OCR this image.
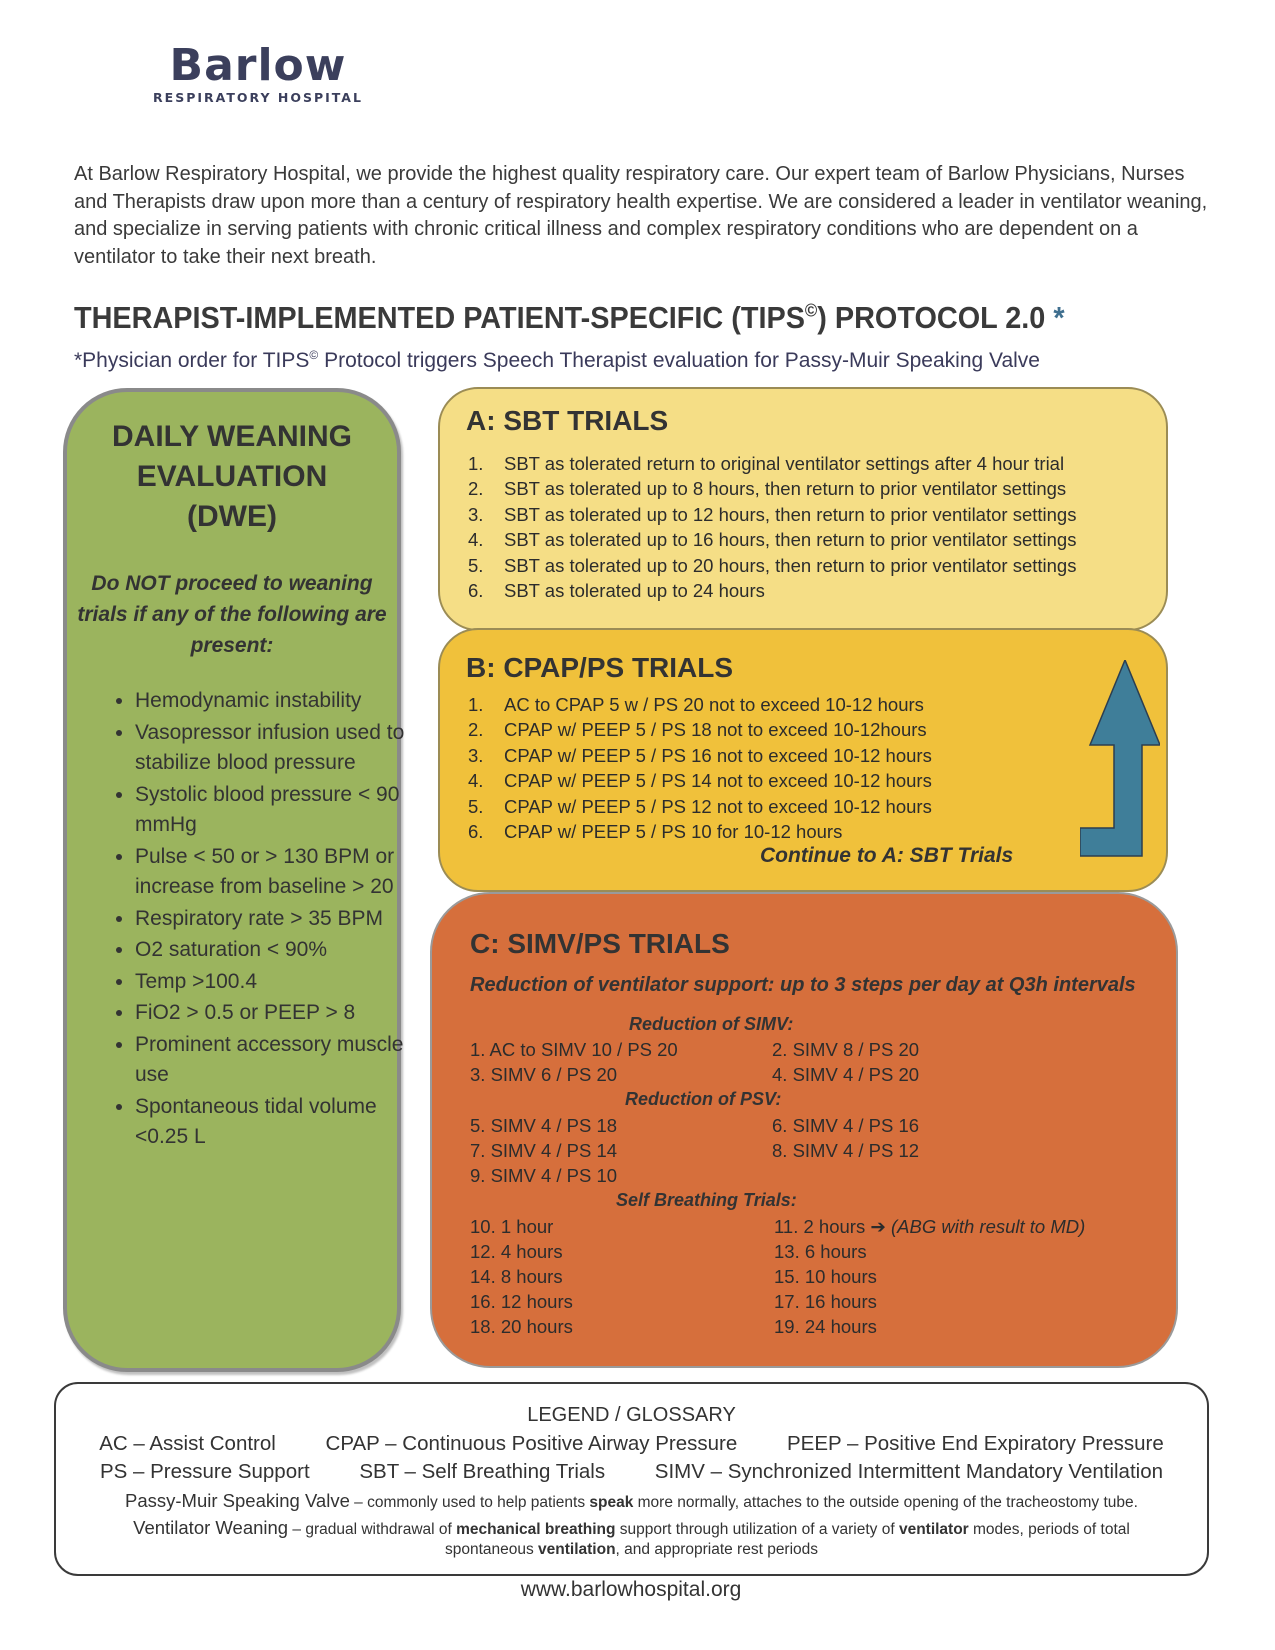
Barlow
RESPIRATORY HOSPITAL
At Barlow Respiratory Hospital, we provide the highest quality respiratory care. Our expert team of Barlow Physicians, Nurses and Therapists draw upon more than a century of respiratory health expertise. We are considered a leader in ventilator weaning, and specialize in serving patients with chronic critical illness and complex respiratory conditions who are dependent on a ventilator to take their next breath.
THERAPIST-IMPLEMENTED PATIENT-SPECIFIC (TIPS©) PROTOCOL 2.0 *
*Physician order for TIPS© Protocol triggers Speech Therapist evaluation for Passy-Muir Speaking Valve
DAILY WEANING
EVALUATION
(DWE)
Do NOT proceed to weaning trials if any of the following are present:
• Hemodynamic instability
• Vasopressor infusion used to stabilize blood pressure
• Systolic blood pressure < 90 mmHg
• Pulse < 50 or > 130 BPM or increase from baseline > 20
• Respiratory rate > 35 BPM
• O2 saturation < 90%
• Temp >100.4
• FiO2 > 0.5 or PEEP > 8
• Prominent accessory muscle use
• Spontaneous tidal volume <0.25 L
A: SBT TRIALS
1. SBT as tolerated return to original ventilator settings after 4 hour trial
2. SBT as tolerated up to 8 hours, then return to prior ventilator settings
3. SBT as tolerated up to 12 hours, then return to prior ventilator settings
4. SBT as tolerated up to 16 hours, then return to prior ventilator settings
5. SBT as tolerated up to 20 hours, then return to prior ventilator settings
6. SBT as tolerated up to 24 hours
B: CPAP/PS TRIALS
1. AC to CPAP 5 w / PS 20 not to exceed 10-12 hours
2. CPAP w/ PEEP 5 / PS 18 not to exceed 10-12hours
3. CPAP w/ PEEP 5 / PS 16 not to exceed 10-12 hours
4. CPAP w/ PEEP 5 / PS 14 not to exceed 10-12 hours
5. CPAP w/ PEEP 5 / PS 12 not to exceed 10-12 hours
6. CPAP w/ PEEP 5 / PS 10 for 10-12 hours
Continue to A: SBT Trials
C: SIMV/PS TRIALS
Reduction of ventilator support: up to 3 steps per day at Q3h intervals
Reduction of SIMV:
1. AC to SIMV 10 / PS 20	2. SIMV 8 / PS 20
3. SIMV 6 / PS 20	4. SIMV 4 / PS 20
Reduction of PSV:
5. SIMV 4 / PS 18	6. SIMV 4 / PS 16
7. SIMV 4 / PS 14	8. SIMV 4 / PS 12
9. SIMV 4 / PS 10
Self Breathing Trials:
10. 1 hour	11. 2 hours ➔ (ABG with result to MD)
12. 4 hours	13. 6 hours
14. 8 hours	15. 10 hours
16. 12 hours	17. 16 hours
18. 20 hours	19. 24 hours
LEGEND / GLOSSARY
AC – Assist Control CPAP – Continuous Positive Airway Pressure PEEP – Positive End Expiratory Pressure
PS – Pressure Support SBT – Self Breathing Trials SIMV – Synchronized Intermittent Mandatory Ventilation
Passy-Muir Speaking Valve – commonly used to help patients speak more normally, attaches to the outside opening of the tracheostomy tube.
Ventilator Weaning – gradual withdrawal of mechanical breathing support through utilization of a variety of ventilator modes, periods of total
spontaneous ventilation, and appropriate rest periods
www.barlowhospital.org
